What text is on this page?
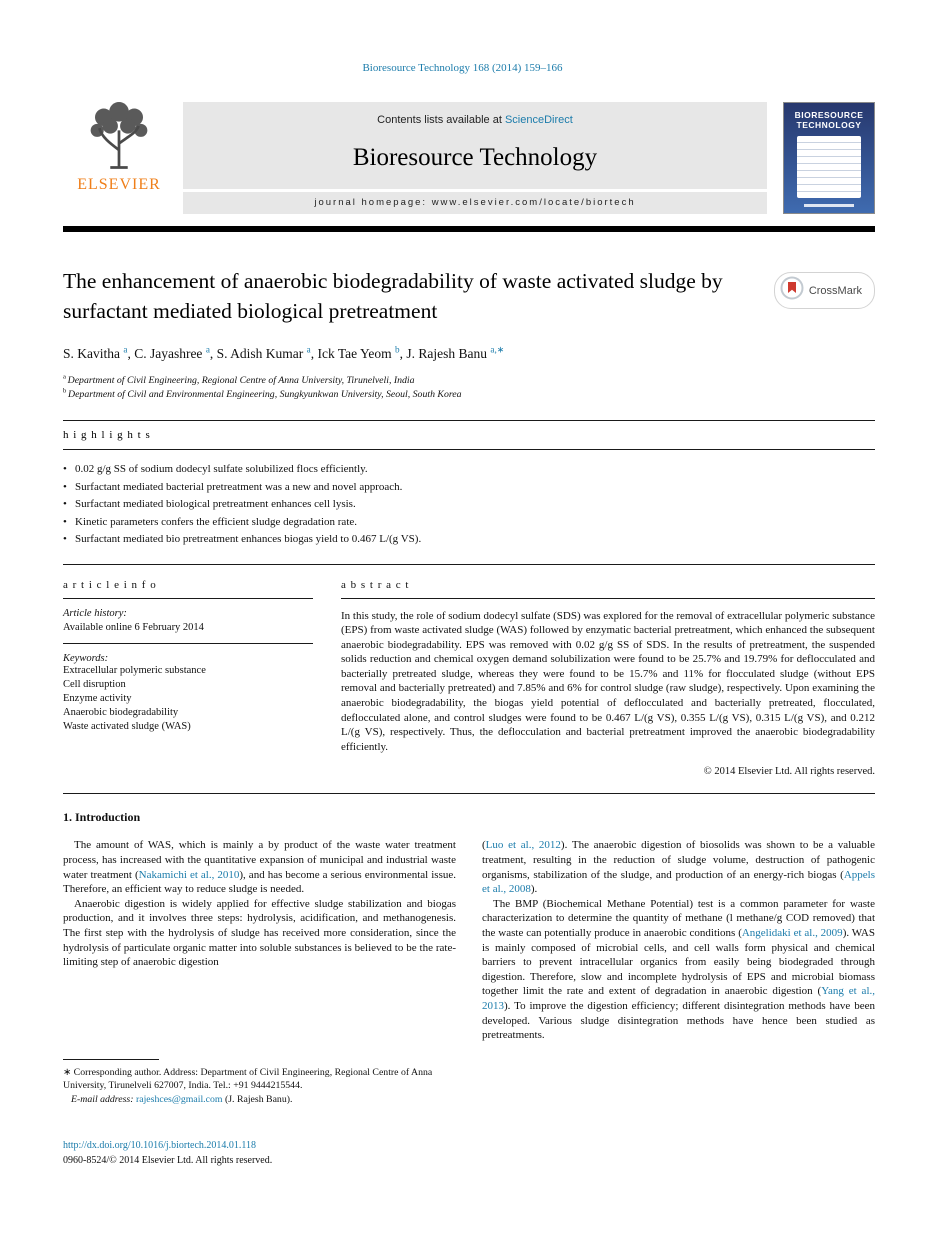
Bioresource Technology 168 (2014) 159–166
ELSEVIER
Contents lists available at ScienceDirect
Bioresource Technology
journal homepage: www.elsevier.com/locate/biortech
BIORESOURCE
TECHNOLOGY
The enhancement of anaerobic biodegradability of waste activated sludge by surfactant mediated biological pretreatment
CrossMark
S. Kavitha $^a$, C. Jayashree $^a$, S. Adish Kumar $^a$, Ick Tae Yeom $^b$, J. Rajesh Banu $^{a,∗}$
$^a$ Department of Civil Engineering, Regional Centre of Anna University, Tirunelveli, India
$^b$ Department of Civil and Environmental Engineering, Sungkyunkwan University, Seoul, South Korea
h i g h l i g h t s
• 0.02 g/g SS of sodium dodecyl sulfate solubilized flocs efficiently.
• Surfactant mediated bacterial pretreatment was a new and novel approach.
• Surfactant mediated biological pretreatment enhances cell lysis.
• Kinetic parameters confers the efficient sludge degradation rate.
• Surfactant mediated bio pretreatment enhances biogas yield to 0.467 L/(g VS).
a r t i c l e i n f o
Article history:
Available online 6 February 2014
Keywords:
Extracellular polymeric substance
Cell disruption
Enzyme activity
Anaerobic biodegradability
Waste activated sludge (WAS)
a b s t r a c t
In this study, the role of sodium dodecyl sulfate (SDS) was explored for the removal of extracellular polymeric substance (EPS) from waste activated sludge (WAS) followed by enzymatic bacterial pretreatment, which enhanced the subsequent anaerobic biodegradability. EPS was removed with 0.02 g/g SS of SDS. In the results of pretreatment, the suspended solids reduction and chemical oxygen demand solubilization were found to be 25.7% and 19.79% for deflocculated and bacterially pretreated sludge, whereas they were found to be 15.7% and 11% for flocculated sludge (without EPS removal and bacterially pretreated) and 7.85% and 6% for control sludge (raw sludge), respectively. Upon examining the anaerobic biodegradability, the biogas yield potential of deflocculated and bacterially pretreated, flocculated, deflocculated alone, and control sludges were found to be 0.467 L/(g VS), 0.355 L/(g VS), 0.315 L/(g VS), and 0.212 L/(g VS), respectively. Thus, the deflocculation and bacterial pretreatment improved the anaerobic biodegradability efficiently.
© 2014 Elsevier Ltd. All rights reserved.
1. Introduction

The amount of WAS, which is mainly a by product of the waste water treatment process, has increased with the quantitative expansion of municipal and industrial waste water treatment (Nakamichi et al., 2010), and has become a serious environmental issue. Therefore, an efficient way to reduce sludge is needed.

Anaerobic digestion is widely applied for effective sludge stabilization and biogas production, and it involves three steps: hydrolysis, acidification, and methanogenesis. The first step with the hydrolysis of sludge has received more consideration, since the hydrolysis of particulate organic matter into soluble substances is believed to be the rate-limiting step of anaerobic digestion

∗ Corresponding author. Address: Department of Civil Engineering, Regional Centre of Anna University, Tirunelveli 627007, India. Tel.: +91 9444215544.
E-mail address: rajeshces@gmail.com (J. Rajesh Banu).

(Luo et al., 2012). The anaerobic digestion of biosolids was shown to be a valuable treatment, resulting in the reduction of sludge volume, destruction of pathogenic organisms, stabilization of the sludge, and production of an energy-rich biogas (Appels et al., 2008).

The BMP (Biochemical Methane Potential) test is a common parameter for waste characterization to determine the quantity of methane (l methane/g COD removed) that the waste can potentially produce in anaerobic conditions (Angelidaki et al., 2009). WAS is mainly composed of microbial cells, and cell walls form physical and chemical barriers to prevent intracellular organics from easily being biodegraded through digestion. Therefore, slow and incomplete hydrolysis of EPS and microbial biomass together limit the rate and extent of degradation in anaerobic digestion (Yang et al., 2013). To improve the digestion efficiency; different disintegration methods have been developed. Various sludge disintegration methods have hence been studied as pretreatments.

http://dx.doi.org/10.1016/j.biortech.2014.01.118
0960-8524/© 2014 Elsevier Ltd. All rights reserved.
